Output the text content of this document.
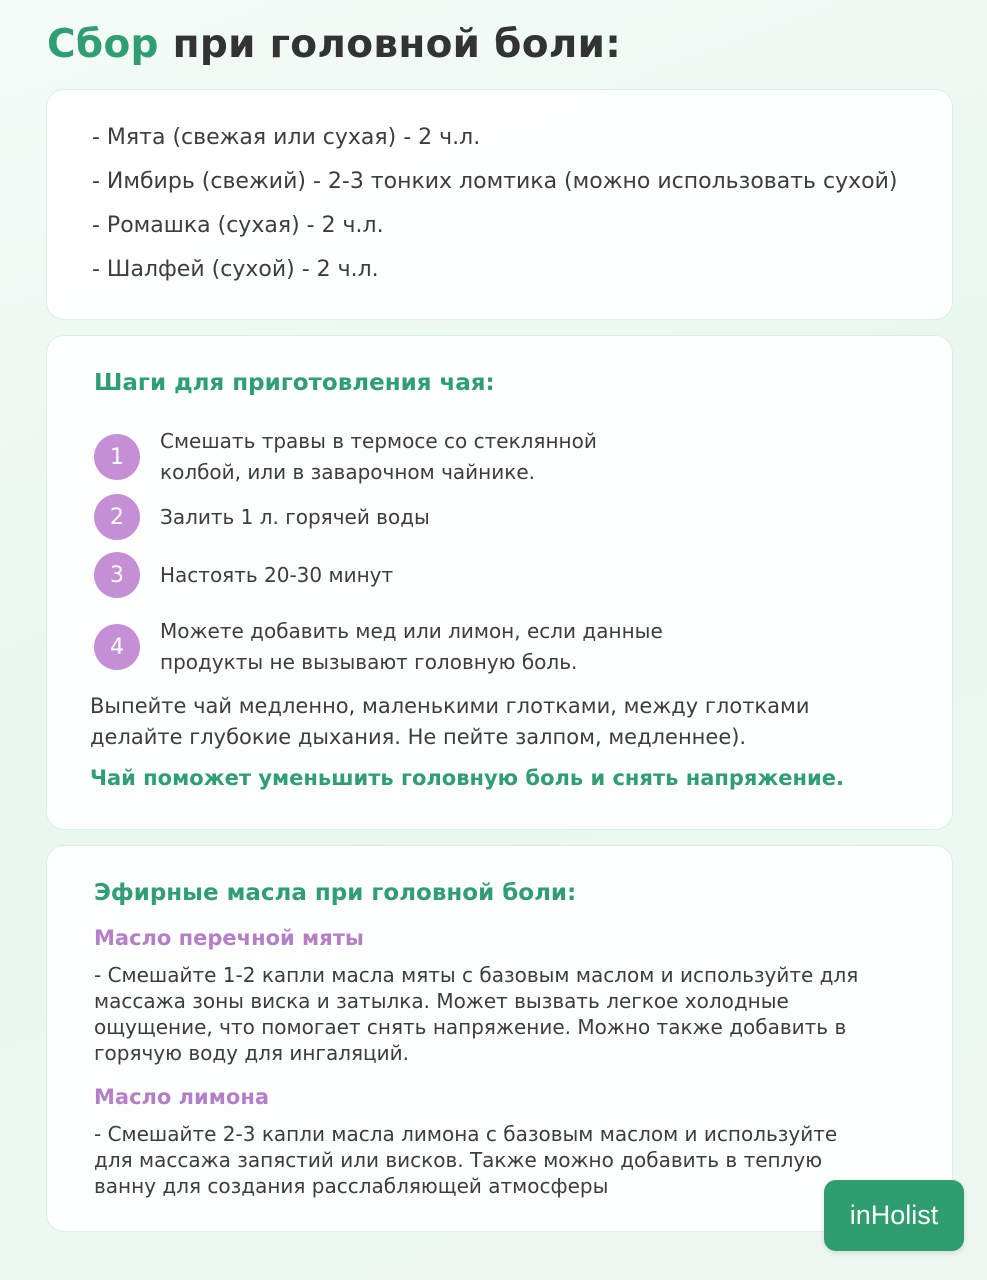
Сбор при головной боли:
- Мята (свежая или сухая) - 2 ч.л.
- Имбирь (свежий) - 2-3 тонких ломтика (можно использовать сухой)
- Ромашка (сухая) - 2 ч.л.
- Шалфей (сухой) - 2 ч.л.
Шаги для приготовления чая:
1
Смешать травы в термосе со стеклянной
колбой, или в заварочном чайнике.
2	Залить 1 л. горячей воды
3	Настоять 20-30 минут
4
Можете добавить мед или лимон, если данные
продукты не вызывают головную боль.
Выпейте чай медленно, маленькими глотками, между глотками
делайте глубокие дыхания. Не пейте залпом, медленнее).
Чай поможет уменьшить головную боль и снять напряжение.
Эфирные масла при головной боли:
Масло перечной мяты
- Смешайте 1-2 капли масла мяты с базовым маслом и используйте для
массажа зоны виска и затылка. Может вызвать легкое холодные
ощущение, что помогает снять напряжение. Можно также добавить в
горячую воду для ингаляций.
Масло лимона
- Смешайте 2-3 капли масла лимона с базовым маслом и используйте
для массажа запястий или висков. Также можно добавить в теплую
ванну для создания расслабляющей атмосферы
inHolist
